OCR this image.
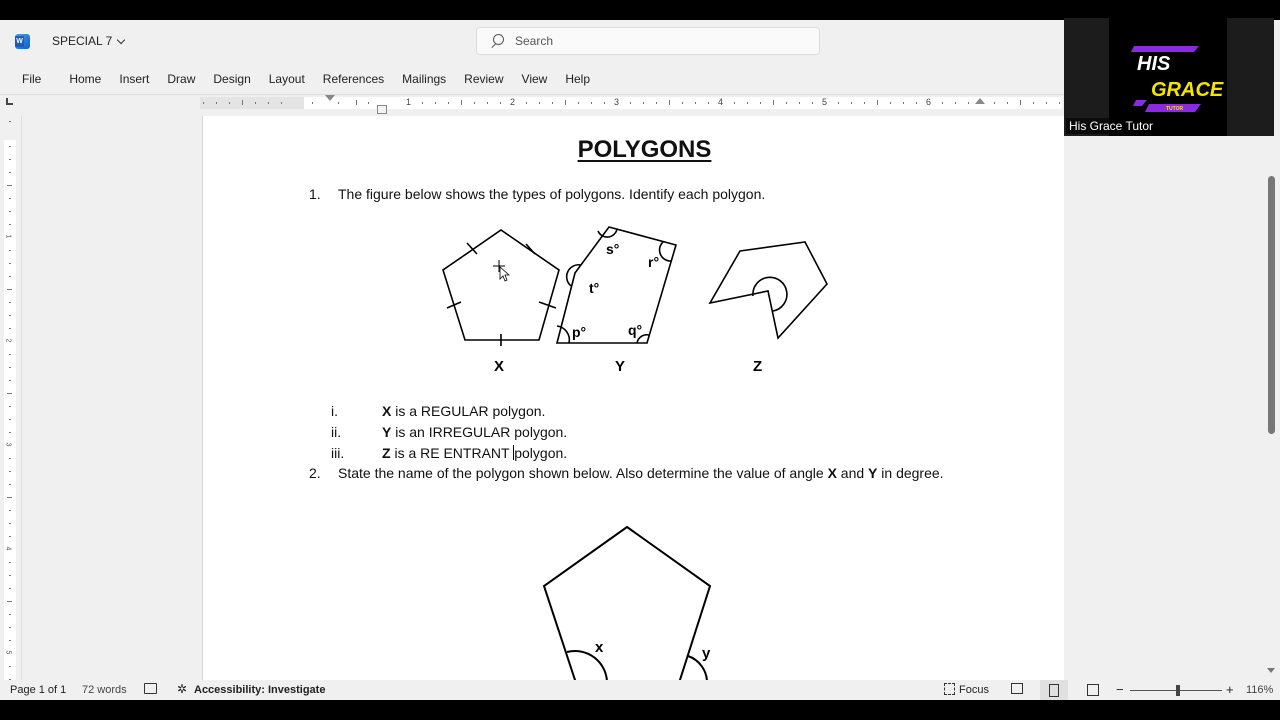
W SPECIAL 7	Search
File	Home	Insert	Draw	Design	Layout	References	Mailings	Review	View	Help
1	2	3	4	5	6
1
2
3
4
5
POLYGONS
1. The figure below shows the types of polygons. Identify each polygon.
s°
r°
t°
p°	q°
X	Y	Z
i.	X is a REGULAR polygon.
ii.	Y is an IRREGULAR polygon.
iii.	Z is a RE ENTRANT polygon.
2. State the name of the polygon shown below. Also determine the value of angle X and Y in degree.
x	y
Page 1 of 1 72 words	✲ Accessibility: Investigate	Focus	−	+ 116%
HIS
GRACE
TUTOR
His Grace Tutor
